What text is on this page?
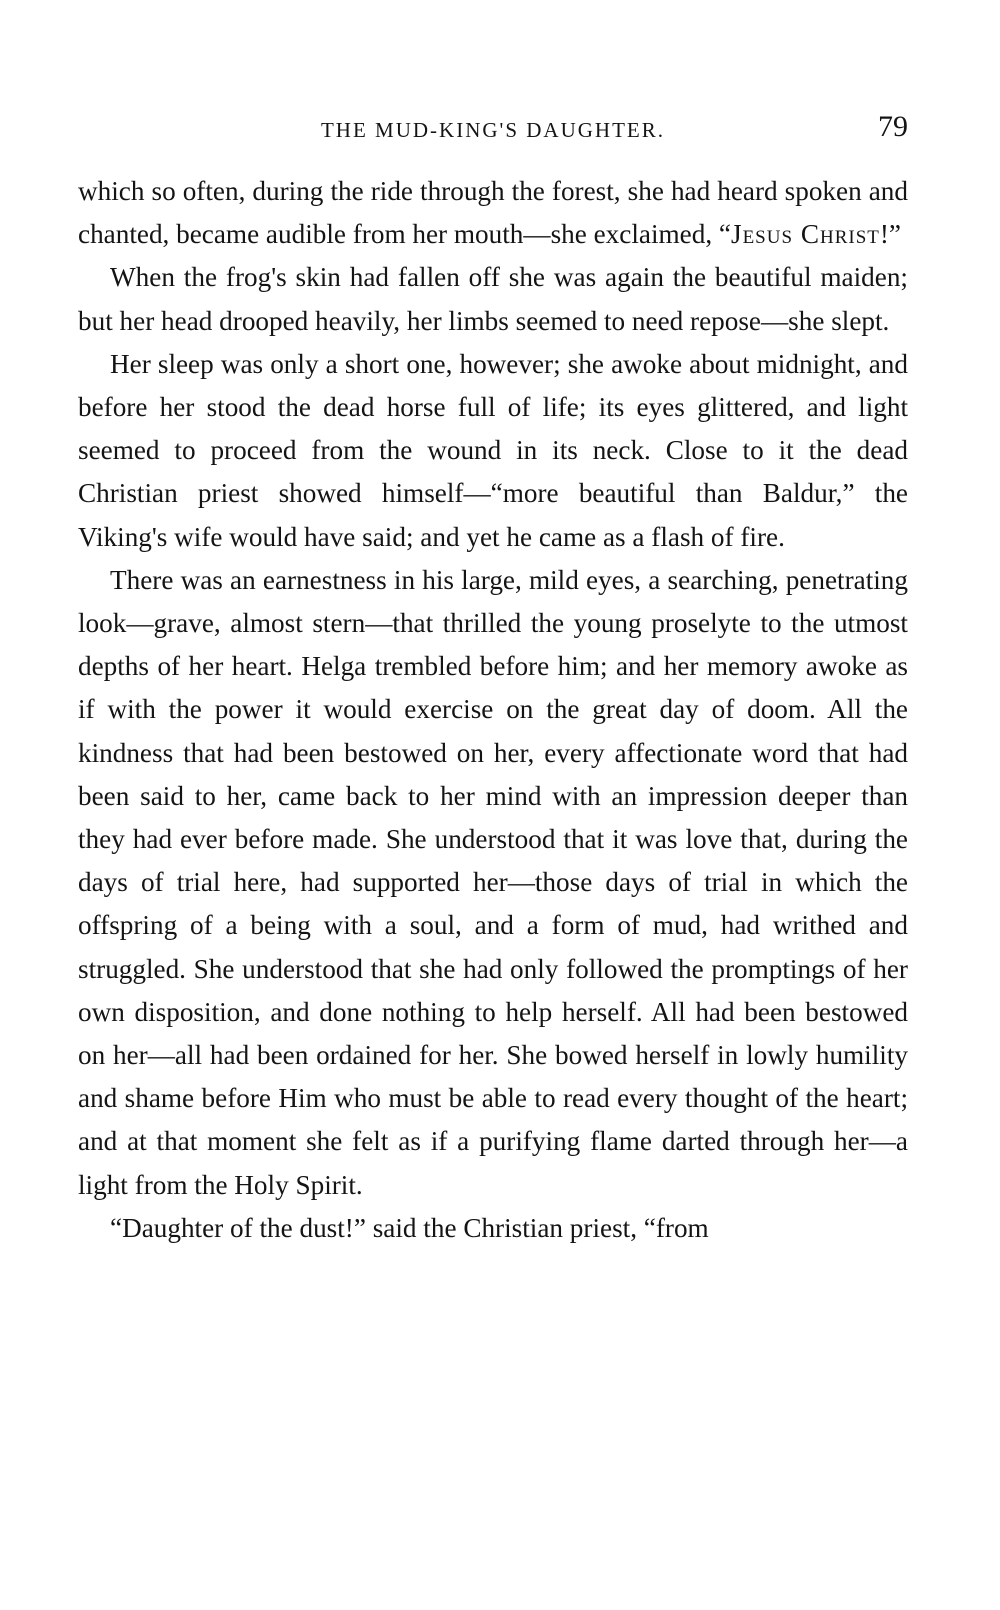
THE MUD-KING'S DAUGHTER.	79

which so often, during the ride through the forest, she had heard spoken and chanted, became audible from her mouth—she exclaimed, “Jesus Christ!”

When the frog's skin had fallen off she was again the beautiful maiden; but her head drooped heavily, her limbs seemed to need repose—she slept.

Her sleep was only a short one, however; she awoke about midnight, and before her stood the dead horse full of life; its eyes glittered, and light seemed to proceed from the wound in its neck. Close to it the dead Christian priest showed himself—“more beautiful than Baldur,” the Viking's wife would have said; and yet he came as a flash of fire.

There was an earnestness in his large, mild eyes, a searching, penetrating look—grave, almost stern—that thrilled the young proselyte to the utmost depths of her heart. Helga trembled before him; and her memory awoke as if with the power it would exercise on the great day of doom. All the kindness that had been bestowed on her, every affectionate word that had been said to her, came back to her mind with an impression deeper than they had ever before made. She understood that it was love that, during the days of trial here, had supported her—those days of trial in which the offspring of a being with a soul, and a form of mud, had writhed and struggled. She understood that she had only followed the promptings of her own disposition, and done nothing to help herself. All had been bestowed on her—all had been ordained for her. She bowed herself in lowly humility and shame before Him who must be able to read every thought of the heart; and at that moment she felt as if a purifying flame darted through her—a light from the Holy Spirit.

“Daughter of the dust!” said the Christian priest, “from
